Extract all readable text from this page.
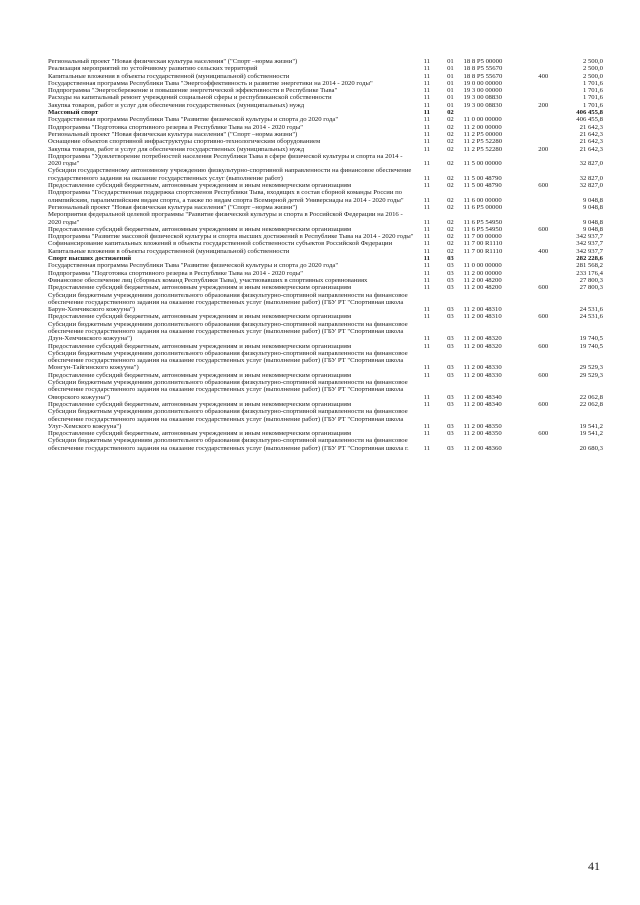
Региональный проект "Новая физическая культура населения" ("Спорт –норма жизни")	11	01	18 8 P5 00000		2 500,0
Реализация мероприятий по устойчивому развитию сельских территорий	11	01	18 8 P5 55670		2 500,0
Капитальные вложения в объекты государственной (муниципальной) собственности	11	01	18 8 P5 55670	400	2 500,0
Государственная программа Республики Тыва "Энергоэффективность и развитие энергетики на 2014 - 2020 годы"	11	01	19 0 00 00000		1 701,6
Подпрограмма "Энергосбережение и повышение энергетической эффективности в Республике Тыва"	11	01	19 3 00 00000		1 701,6
Расходы на капитальный ремонт учреждений социальной сферы и республиканской собственности	11	01	19 3 00 08830		1 701,6
Закупка товаров, работ и услуг для обеспечения государственных (муниципальных) нужд	11	01	19 3 00 08830	200	1 701,6
Массовый спорт	11	02			406 455,8
Государственная программа Республики Тыва "Развитие физической культуры и спорта до 2020 года"	11	02	11 0 00 00000		406 455,8
Подпрограмма "Подготовка спортивного резерва в Республике Тыва на 2014 - 2020 годы"	11	02	11 2 00 00000		21 642,3
Региональный проект "Новая физическая культура населения" ("Спорт –норма жизни")	11	02	11 2 P5 00000		21 642,3
Оснащение объектов спортивной инфраструктуры спортивно-технологическим оборудованием	11	02	11 2 P5 52280		21 642,3
Закупка товаров, работ и услуг для обеспечения государственных (муниципальных) нужд	11	02	11 2 P5 52280	200	21 642,3
Подпрограмма "Удовлетворение потребностей населения Республики Тыва в сфере физической культуры и спорта на 2014 - 2020 годы"	11	02	11 5 00 00000		32 827,0
Субсидии государственному автономному учреждению физкультурно-спортивной направленности на финансовое обеспечение государственного задания на оказание государственных услуг (выполнение работ)	11	02	11 5 00 48790		32 827,0
Предоставление субсидий бюджетным, автономным учреждениям и иным некоммерческим организациям	11	02	11 5 00 48790	600	32 827,0
Подпрограмма "Государственная поддержка спортсменов Республики Тыва, входящих в состав сборной команды России по олимпийским, паралимпийским видам спорта, а также по видам спорта Всемирной детей Универсиады на 2014 - 2020 годы"	11	02	11 6 00 00000		9 048,8
Региональный проект "Новая физическая культура населения" ("Спорт –норма жизни")	11	02	11 6 P5 00000		9 048,8
Мероприятия федеральной целевой программы "Развитие физической культуры и спорта в Российской Федерации на 2016 - 2020 годы"	11	02	11 6 P5 54950		9 048,8
Предоставление субсидий бюджетным, автономным учреждениям и иным некоммерческим организациям	11	02	11 6 P5 54950	600	9 048,8
Подпрограмма "Развитие массовой физической культуры и спорта высших достижений в Республике Тыва на 2014 - 2020 годы"	11	02	11 7 00 00000		342 937,7
Софинансирование капитальных вложений в объекты государственной собственности субъектов Российской Федерации	11	02	11 7 00 R1110		342 937,7
Капитальные вложения в объекты государственной (муниципальной) собственности	11	02	11 7 00 R1110	400	342 937,7
Спорт высших достижений	11	03			282 228,6
Государственная программа Республики Тыва "Развитие физической культуры и спорта до 2020 года"	11	03	11 0 00 00000		281 568,2
Подпрограмма "Подготовка спортивного резерва в Республике Тыва на 2014 - 2020 годы"	11	03	11 2 00 00000		233 176,4
Финансовое обеспечение лиц (сборных команд Республики Тыва), участвовавших в спортивных соревнованиях	11	03	11 2 00 48200		27 800,3
Предоставление субсидий бюджетным, автономным учреждениям и иным некоммерческим организациям	11	03	11 2 00 48200	600	27 800,3
Субсидии бюджетным учреждениям дополнительного образования физкультурно-спортивной направленности на финансовое обеспечение государственного задания на оказание государственных услуг (выполнение работ) (ГБУ РТ "Спортивная школа Барун-Хемчикского кожууна")	11	03	11 2 00 48310		24 531,6
Предоставление субсидий бюджетным, автономным учреждениям и иным некоммерческим организациям	11	03	11 2 00 48310	600	24 531,6
Субсидии бюджетным учреждениям дополнительного образования физкультурно-спортивной направленности на финансовое обеспечение государственного задания на оказание государственных услуг (выполнение работ) (ГБУ РТ "Спортивная школа Дзун-Хемчикского кожууна")	11	03	11 2 00 48320		19 740,5
Предоставление субсидий бюджетным, автономным учреждениям и иным некоммерческим организациям	11	03	11 2 00 48320	600	19 740,5
Субсидии бюджетным учреждениям дополнительного образования физкультурно-спортивной направленности на финансовое обеспечение государственного задания на оказание государственных услуг (выполнение работ) (ГБУ РТ "Спортивная школа Монгун-Тайгинского кожууна")	11	03	11 2 00 48330		29 529,3
Предоставление субсидий бюджетным, автономным учреждениям и иным некоммерческим организациям	11	03	11 2 00 48330	600	29 529,3
Субсидии бюджетным учреждениям дополнительного образования физкультурно-спортивной направленности на финансовое обеспечение государственного задания на оказание государственных услуг (выполнение работ) (ГБУ РТ "Спортивная школа Овюрского кожууна")	11	03	11 2 00 48340		22 062,8
Предоставление субсидий бюджетным, автономным учреждениям и иным некоммерческим организациям	11	03	11 2 00 48340	600	22 062,8
Субсидии бюджетным учреждениям дополнительного образования физкультурно-спортивной направленности на финансовое обеспечение государственного задания на оказание государственных услуг (выполнение работ) (ГБУ РТ "Спортивная школа Улуг-Хемского кожууна")	11	03	11 2 00 48350		19 541,2
Предоставление субсидий бюджетным, автономным учреждениям и иным некоммерческим организациям	11	03	11 2 00 48350	600	19 541,2
Субсидии бюджетным учреждениям дополнительного образования физкультурно-спортивной направленности на финансовое обеспечение государственного задания на оказание государственных услуг (выполнение работ) (ГБУ РТ "Спортивная школа г.	11	03	11 2 00 48360		20 680,3
41
